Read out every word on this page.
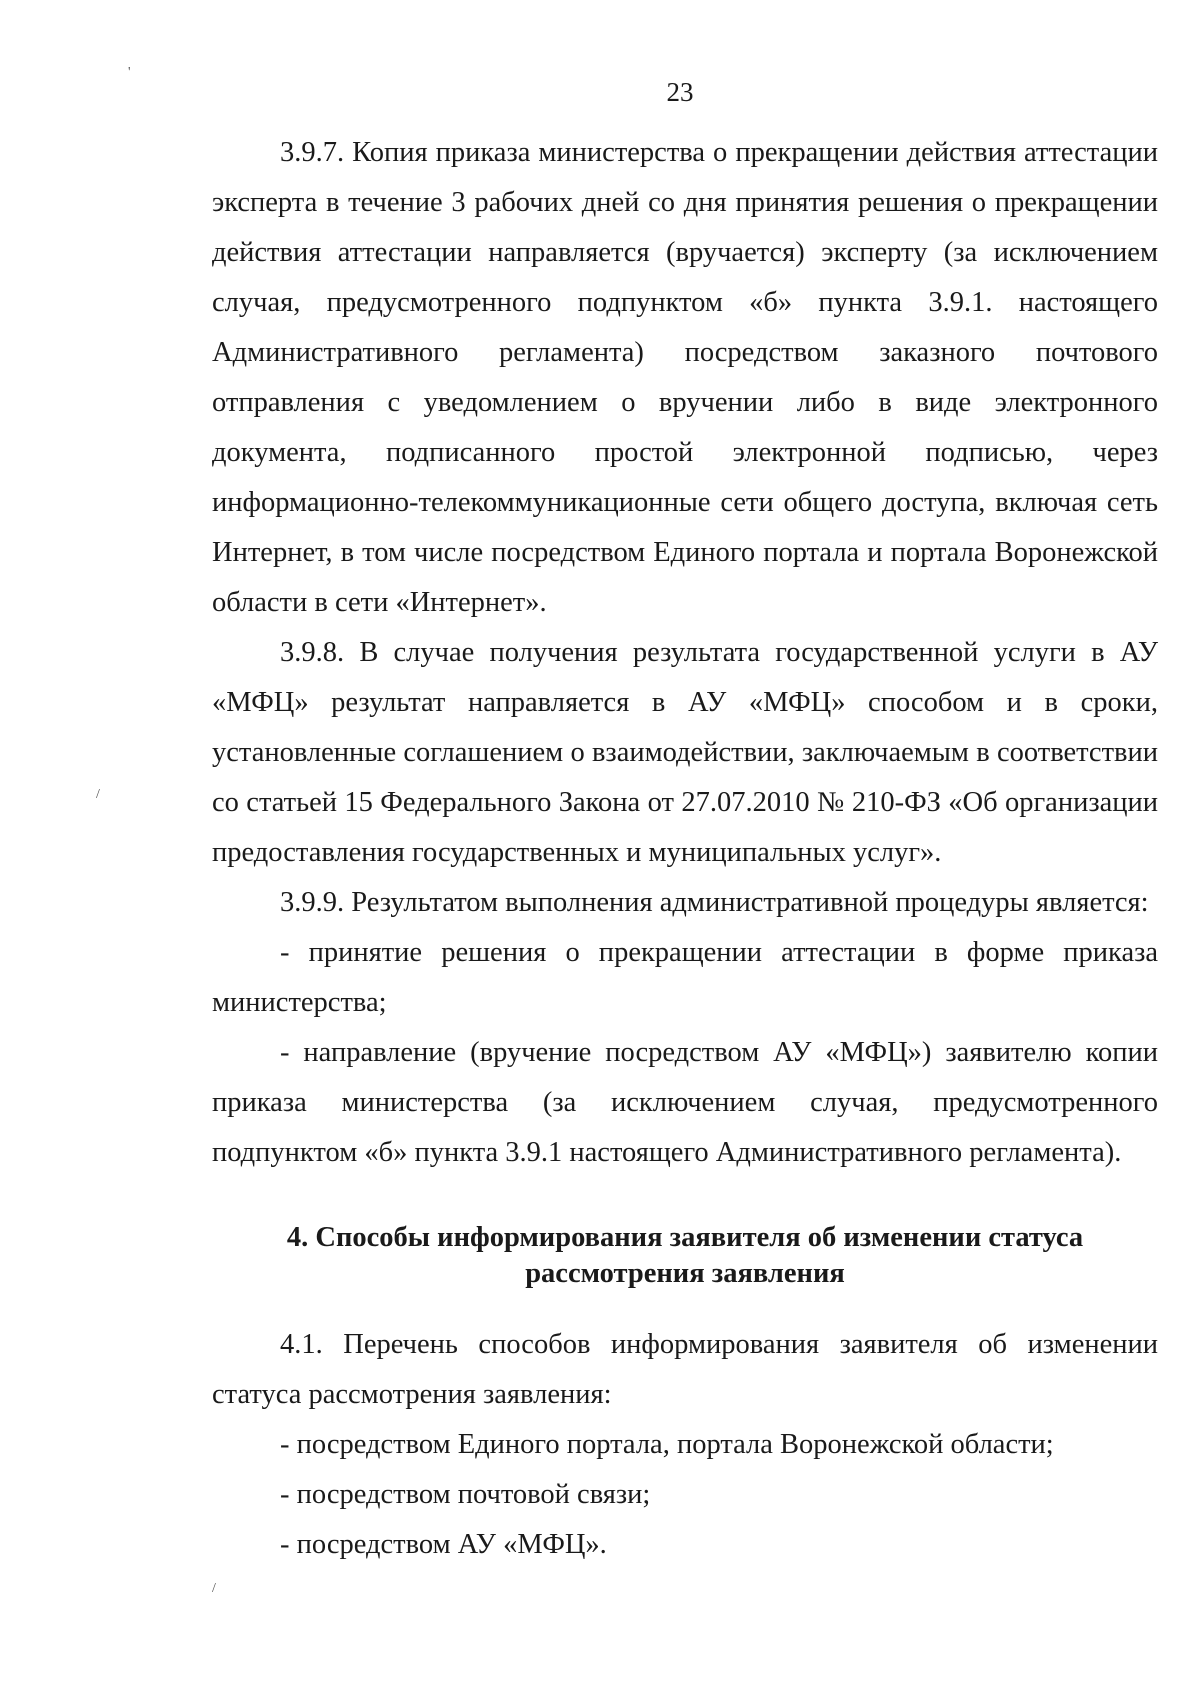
23

3.9.7. Копия приказа министерства о прекращении действия аттестации эксперта в течение 3 рабочих дней со дня принятия решения о прекращении действия аттестации направляется (вручается) эксперту (за исключением случая, предусмотренного подпунктом «б» пункта 3.9.1. настоящего Административного регламента) посредством заказного почтового отправления с уведомлением о вручении либо в виде электронного документа, подписанного простой электронной подписью, через информационно-телекоммуникационные сети общего доступа, включая сеть Интернет, в том числе посредством Единого портала и портала Воронежской области в сети «Интернет».

3.9.8. В случае получения результата государственной услуги в АУ «МФЦ» результат направляется в АУ «МФЦ» способом и в сроки, установленные соглашением о взаимодействии, заключаемым в соответствии со статьей 15 Федерального Закона от 27.07.2010 № 210-ФЗ «Об организации предоставления государственных и муниципальных услуг».

3.9.9. Результатом выполнения административной процедуры является:

- принятие решения о прекращении аттестации в форме приказа министерства;

- направление (вручение посредством АУ «МФЦ») заявителю копии приказа министерства (за исключением случая, предусмотренного подпунктом «б» пункта 3.9.1 настоящего Административного регламента).

4. Способы информирования заявителя об изменении статуса
рассмотрения заявления

4.1. Перечень способов информирования заявителя об изменении статуса рассмотрения заявления:

- посредством Единого портала, портала Воронежской области;

- посредством почтовой связи;

- посредством АУ «МФЦ».

'
/
/
